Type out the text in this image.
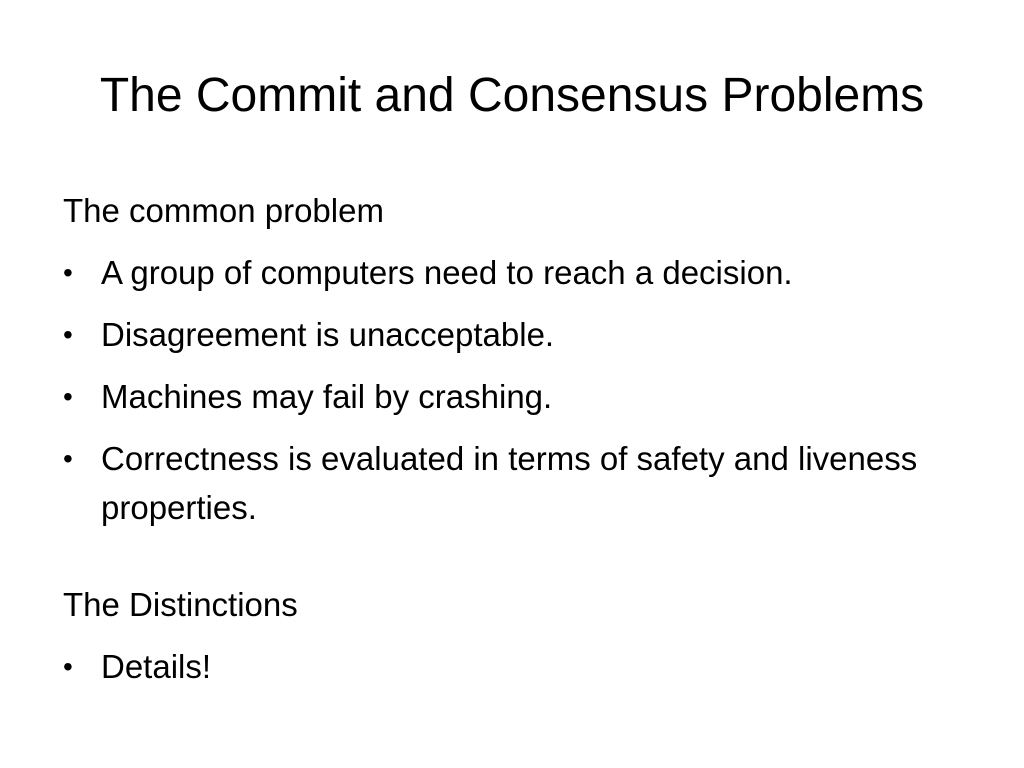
The Commit and Consensus Problems
The common problem
• A group of computers need to reach a decision.
• Disagreement is unacceptable.
• Machines may fail by crashing.
• Correctness is evaluated in terms of safety and liveness properties.
The Distinctions
• Details!
